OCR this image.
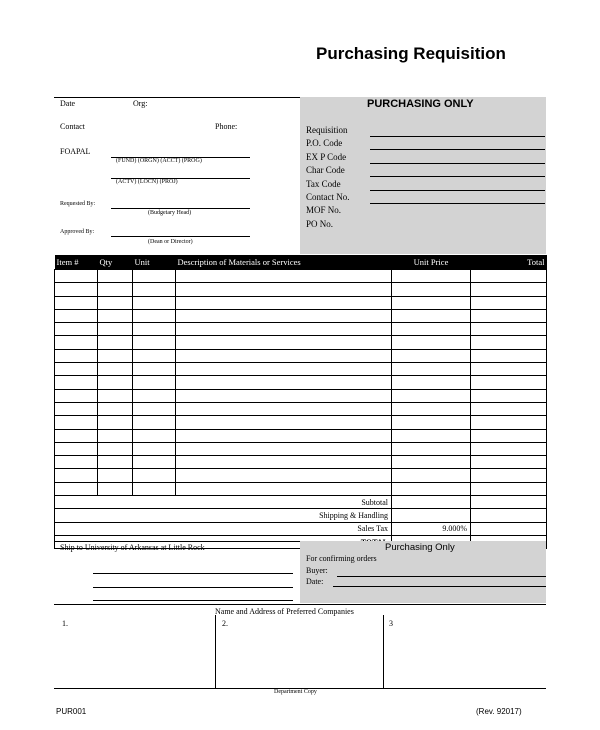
Purchasing Requisition
Date	Org:
Contact	Phone:
FOAPAL
(FUND) (ORGN) (ACCT) (PROG)
(ACTV) (LOCN) (PROJ)
Requested By:
(Budgetary Head)
Approved By:
(Dean or Director)
PURCHASING ONLY
Requisition
P.O. Code
EX P Code
Char Code
Tax Code
Contact No.
MOF No.
PO No.
Item #	Qty	Unit	Description of Materials or Services	Unit Price	Total

Subtotal					
Shipping & Handling					
Sales Tax				9.000%	

Ship to University of Arkansas at Little Rock	Purchasing Only
For confirming orders
Buyer:
Date:
Name and Address of Preferred Companies
1.	2.	3
Department Copy
PUR001	(Rev. 92017)
